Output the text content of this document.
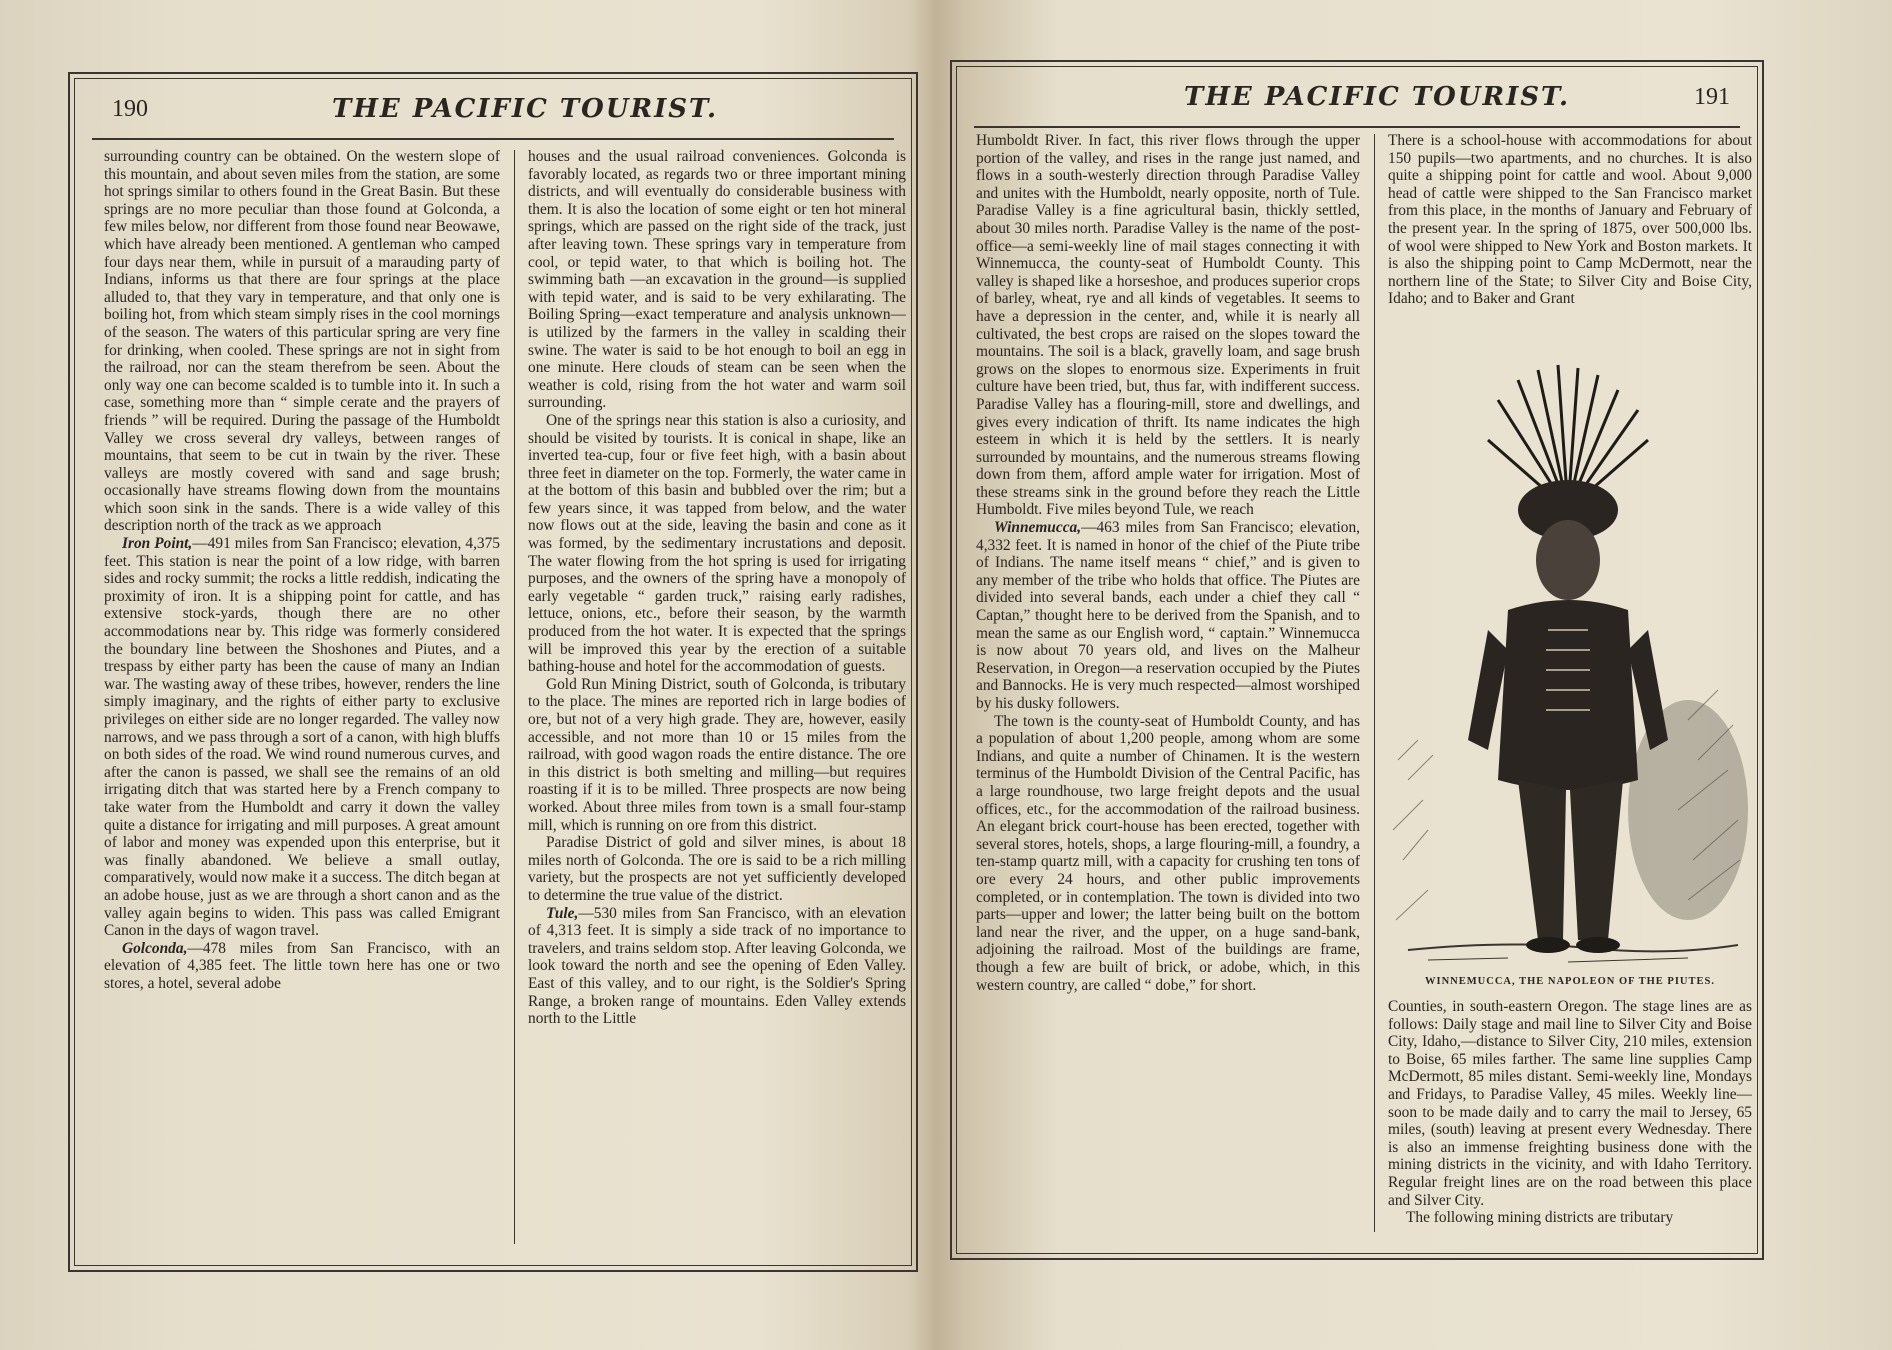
190	THE PACIFIC TOURIST.

surrounding country can be obtained. On the western slope of this mountain, and about seven miles from the station, are some hot springs similar to others found in the Great Basin. But these springs are no more peculiar than those found at Golconda, a few miles below, nor different from those found near Beowawe, which have already been mentioned. A gentleman who camped four days near them, while in pursuit of a marauding party of Indians, informs us that there are four springs at the place alluded to, that they vary in temperature, and that only one is boiling hot, from which steam simply rises in the cool mornings of the season. The waters of this particular spring are very fine for drinking, when cooled. These springs are not in sight from the railroad, nor can the steam therefrom be seen. About the only way one can become scalded is to tumble into it. In such a case, something more than “ simple cerate and the prayers of friends ” will be required. During the passage of the Humboldt Valley we cross several dry valleys, between ranges of mountains, that seem to be cut in twain by the river. These valleys are mostly covered with sand and sage brush; occasionally have streams flowing down from the mountains which soon sink in the sands. There is a wide valley of this description north of the track as we approach

Iron Point,—491 miles from San Francisco; elevation, 4,375 feet. This station is near the point of a low ridge, with barren sides and rocky summit; the rocks a little reddish, indicating the proximity of iron. It is a shipping point for cattle, and has extensive stock-yards, though there are no other accommodations near by. This ridge was formerly considered the boundary line between the Shoshones and Piutes, and a trespass by either party has been the cause of many an Indian war. The wasting away of these tribes, however, renders the line simply imaginary, and the rights of either party to exclusive privileges on either side are no longer regarded. The valley now narrows, and we pass through a sort of a canon, with high bluffs on both sides of the road. We wind round numerous curves, and after the canon is passed, we shall see the remains of an old irrigating ditch that was started here by a French company to take water from the Humboldt and carry it down the valley quite a distance for irrigating and mill purposes. A great amount of labor and money was expended upon this enterprise, but it was finally abandoned. We believe a small outlay, comparatively, would now make it a success. The ditch began at an adobe house, just as we are through a short canon and as the valley again begins to widen. This pass was called Emigrant Canon in the days of wagon travel.

Golconda,—478 miles from San Francisco, with an elevation of 4,385 feet. The little town here has one or two stores, a hotel, several adobe

houses and the usual railroad conveniences. Golconda is favorably located, as regards two or three important mining districts, and will eventually do considerable business with them. It is also the location of some eight or ten hot mineral springs, which are passed on the right side of the track, just after leaving town. These springs vary in temperature from cool, or tepid water, to that which is boiling hot. The swimming bath —an excavation in the ground—is supplied with tepid water, and is said to be very exhilarating. The Boiling Spring—exact temperature and analysis unknown—is utilized by the farmers in the valley in scalding their swine. The water is said to be hot enough to boil an egg in one minute. Here clouds of steam can be seen when the weather is cold, rising from the hot water and warm soil surrounding.

One of the springs near this station is also a curiosity, and should be visited by tourists. It is conical in shape, like an inverted tea-cup, four or five feet high, with a basin about three feet in diameter on the top. Formerly, the water came in at the bottom of this basin and bubbled over the rim; but a few years since, it was tapped from below, and the water now flows out at the side, leaving the basin and cone as it was formed, by the sedimentary incrustations and deposit. The water flowing from the hot spring is used for irrigating purposes, and the owners of the spring have a monopoly of early vegetable “ garden truck,” raising early radishes, lettuce, onions, etc., before their season, by the warmth produced from the hot water. It is expected that the springs will be improved this year by the erection of a suitable bathing-house and hotel for the accommodation of guests.

Gold Run Mining District, south of Golconda, is tributary to the place. The mines are reported rich in large bodies of ore, but not of a very high grade. They are, however, easily accessible, and not more than 10 or 15 miles from the railroad, with good wagon roads the entire distance. The ore in this district is both smelting and milling—but requires roasting if it is to be milled. Three prospects are now being worked. About three miles from town is a small four-stamp mill, which is running on ore from this district.

Paradise District of gold and silver mines, is about 18 miles north of Golconda. The ore is said to be a rich milling variety, but the prospects are not yet sufficiently developed to determine the true value of the district.

Tule,—530 miles from San Francisco, with an elevation of 4,313 feet. It is simply a side track of no importance to travelers, and trains seldom stop. After leaving Golconda, we look toward the north and see the opening of Eden Valley. East of this valley, and to our right, is the Soldier's Spring Range, a broken range of mountains. Eden Valley extends north to the Little

THE PACIFIC TOURIST.	191

Humboldt River. In fact, this river flows through the upper portion of the valley, and rises in the range just named, and flows in a south-westerly direction through Paradise Valley and unites with the Humboldt, nearly opposite, north of Tule. Paradise Valley is a fine agricultural basin, thickly settled, about 30 miles north. Paradise Valley is the name of the post-office—a semi-weekly line of mail stages connecting it with Winnemucca, the county-seat of Humboldt County. This valley is shaped like a horseshoe, and produces superior crops of barley, wheat, rye and all kinds of vegetables. It seems to have a depression in the center, and, while it is nearly all cultivated, the best crops are raised on the slopes toward the mountains. The soil is a black, gravelly loam, and sage brush grows on the slopes to enormous size. Experiments in fruit culture have been tried, but, thus far, with indifferent success. Paradise Valley has a flouring-mill, store and dwellings, and gives every indication of thrift. Its name indicates the high esteem in which it is held by the settlers. It is nearly surrounded by mountains, and the numerous streams flowing down from them, afford ample water for irrigation. Most of these streams sink in the ground before they reach the Little Humboldt. Five miles beyond Tule, we reach

Winnemucca,—463 miles from San Francisco; elevation, 4,332 feet. It is named in honor of the chief of the Piute tribe of Indians. The name itself means “ chief,” and is given to any member of the tribe who holds that office. The Piutes are divided into several bands, each under a chief they call “ Captan,” thought here to be derived from the Spanish, and to mean the same as our English word, “ captain.” Winnemucca is now about 70 years old, and lives on the Malheur Reservation, in Oregon—a reservation occupied by the Piutes and Bannocks. He is very much respected—almost worshiped by his dusky followers.

The town is the county-seat of Humboldt County, and has a population of about 1,200 people, among whom are some Indians, and quite a number of Chinamen. It is the western terminus of the Humboldt Division of the Central Pacific, has a large roundhouse, two large freight depots and the usual offices, etc., for the accommodation of the railroad business. An elegant brick court-house has been erected, together with several stores, hotels, shops, a large flouring-mill, a foundry, a ten-stamp quartz mill, with a capacity for crushing ten tons of ore every 24 hours, and other public improvements completed, or in contemplation. The town is divided into two parts—upper and lower; the latter being built on the bottom land near the river, and the upper, on a huge sand-bank, adjoining the railroad. Most of the buildings are frame, though a few are built of brick, or adobe, which, in this western country, are called “ dobe,” for short.

There is a school-house with accommodations for about 150 pupils—two apartments, and no churches. It is also quite a shipping point for cattle and wool. About 9,000 head of cattle were shipped to the San Francisco market from this place, in the months of January and February of the present year. In the spring of 1875, over 500,000 lbs. of wool were shipped to New York and Boston markets. It is also the shipping point to Camp McDermott, near the northern line of the State; to Silver City and Boise City, Idaho; and to Baker and Grant

WINNEMUCCA, THE NAPOLEON OF THE PIUTES.

Counties, in south-eastern Oregon. The stage lines are as follows: Daily stage and mail line to Silver City and Boise City, Idaho,—distance to Silver City, 210 miles, extension to Boise, 65 miles farther. The same line supplies Camp McDermott, 85 miles distant. Semi-weekly line, Mondays and Fridays, to Paradise Valley, 45 miles. Weekly line—soon to be made daily and to carry the mail to Jersey, 65 miles, (south) leaving at present every Wednesday. There is also an immense freighting business done with the mining districts in the vicinity, and with Idaho Territory. Regular freight lines are on the road between this place and Silver City.

The following mining districts are tributary
